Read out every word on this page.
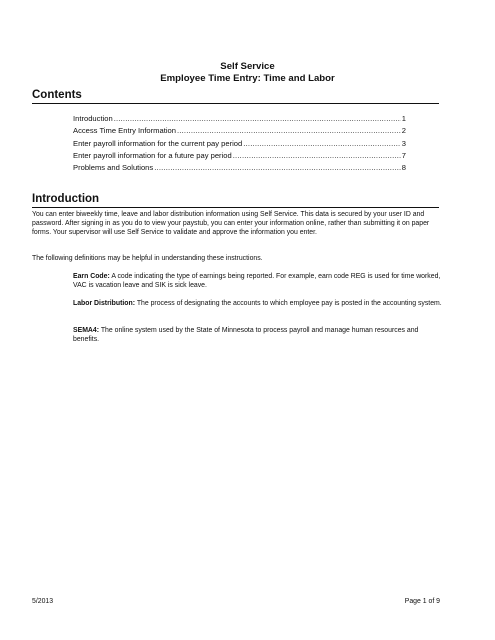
Self Service
Employee Time Entry: Time and Labor
Contents
Introduction .....	1
Access Time Entry Information .....	2
Enter payroll information for the current pay period .....	3
Enter payroll information for a future pay period .....	7
Problems and Solutions .....	8
Introduction

You can enter biweekly time, leave and labor distribution information using Self Service. This data is secured by your user ID and password. After signing in as you do to view your paystub, you can enter your information online, rather than submitting it on paper forms. Your supervisor will use Self Service to validate and approve the information you enter.

The following definitions may be helpful in understanding these instructions.

Earn Code: A code indicating the type of earnings being reported. For example, earn code REG is used for time worked, VAC is vacation leave and SIK is sick leave.

Labor Distribution: The process of designating the accounts to which employee pay is posted in the accounting system.

SEMA4: The online system used by the State of Minnesota to process payroll and manage human resources and benefits.

5/2013	Page 1 of 9
